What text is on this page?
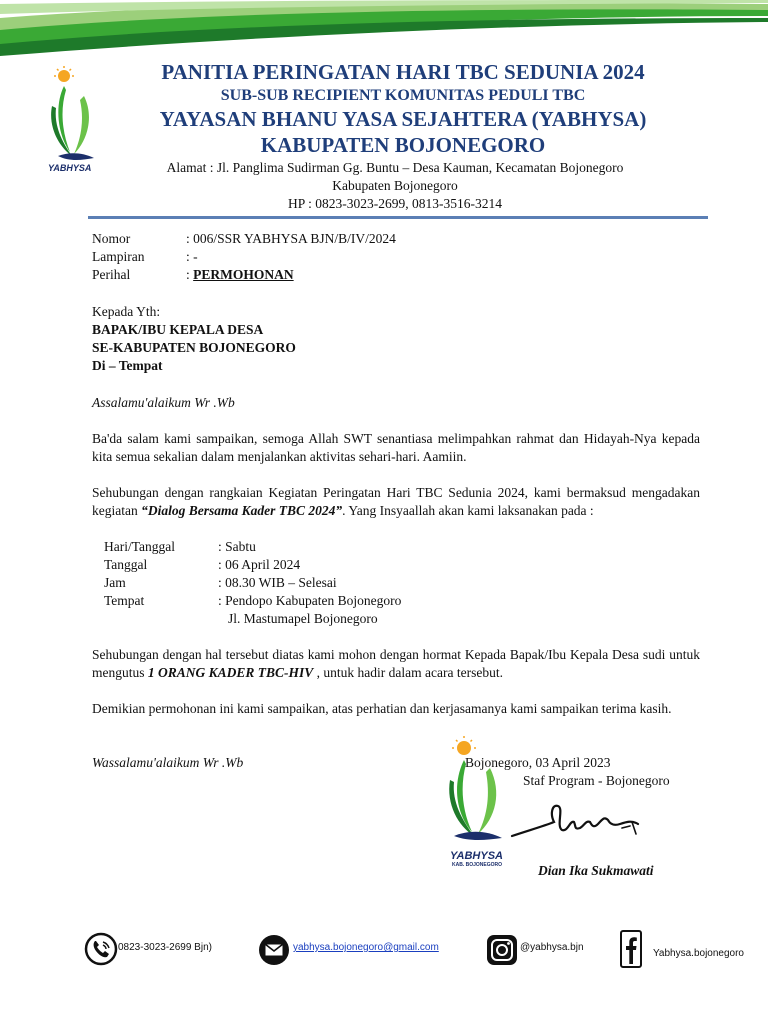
YABHYSA
PANITIA PERINGATAN HARI TBC SEDUNIA 2024
SUB-SUB RECIPIENT KOMUNITAS PEDULI TBC
YAYASAN BHANU YASA SEJAHTERA (YABHYSA)
KABUPATEN BOJONEGORO
Alamat : Jl. Panglima Sudirman Gg. Buntu – Desa Kauman, Kecamatan Bojonegoro
Kabupaten Bojonegoro
HP : 0823-3023-2699, 0813-3516-3214
Nomor	: 006/SSR YABHYSA BJN/B/IV/2024
Lampiran	: -
Perihal	: PERMOHONAN
Kepada Yth:
BAPAK/IBU KEPALA DESA
SE-KABUPATEN BOJONEGORO
Di – Tempat
Assalamu'alaikum Wr .Wb
Ba'da salam kami sampaikan, semoga Allah SWT senantiasa melimpahkan rahmat dan Hidayah-Nya kepada kita semua sekalian dalam menjalankan aktivitas sehari-hari. Aamiin.
Sehubungan dengan rangkaian Kegiatan Peringatan Hari TBC Sedunia 2024, kami bermaksud mengadakan kegiatan “Dialog Bersama Kader TBC 2024”. Yang Insyaallah akan kami laksanakan pada :
Hari/Tanggal	: Sabtu
Tanggal	: 06 April 2024
Jam	: 08.30 WIB – Selesai
Tempat	: Pendopo Kabupaten Bojonegoro
Jl. Mastumapel Bojonegoro
Sehubungan dengan hal tersebut diatas kami mohon dengan hormat Kepada Bapak/Ibu Kepala Desa sudi untuk mengutus 1 ORANG KADER TBC-HIV , untuk hadir dalam acara tersebut.
Demikian permohonan ini kami sampaikan, atas perhatian dan kerjasamanya kami sampaikan terima kasih.
Wassalamu'alaikum Wr .Wb
YABHYSA
KAB. BOJONEGORO
Bojonegoro, 03 April 2023
Staf Program - Bojonegoro
Dian Ika Sukmawati
0823-3023-2699 Bjn)	yabhysa.bojonegoro@gmail.com	@yabhysa.bjn
Yabhysa.bojonegoro
